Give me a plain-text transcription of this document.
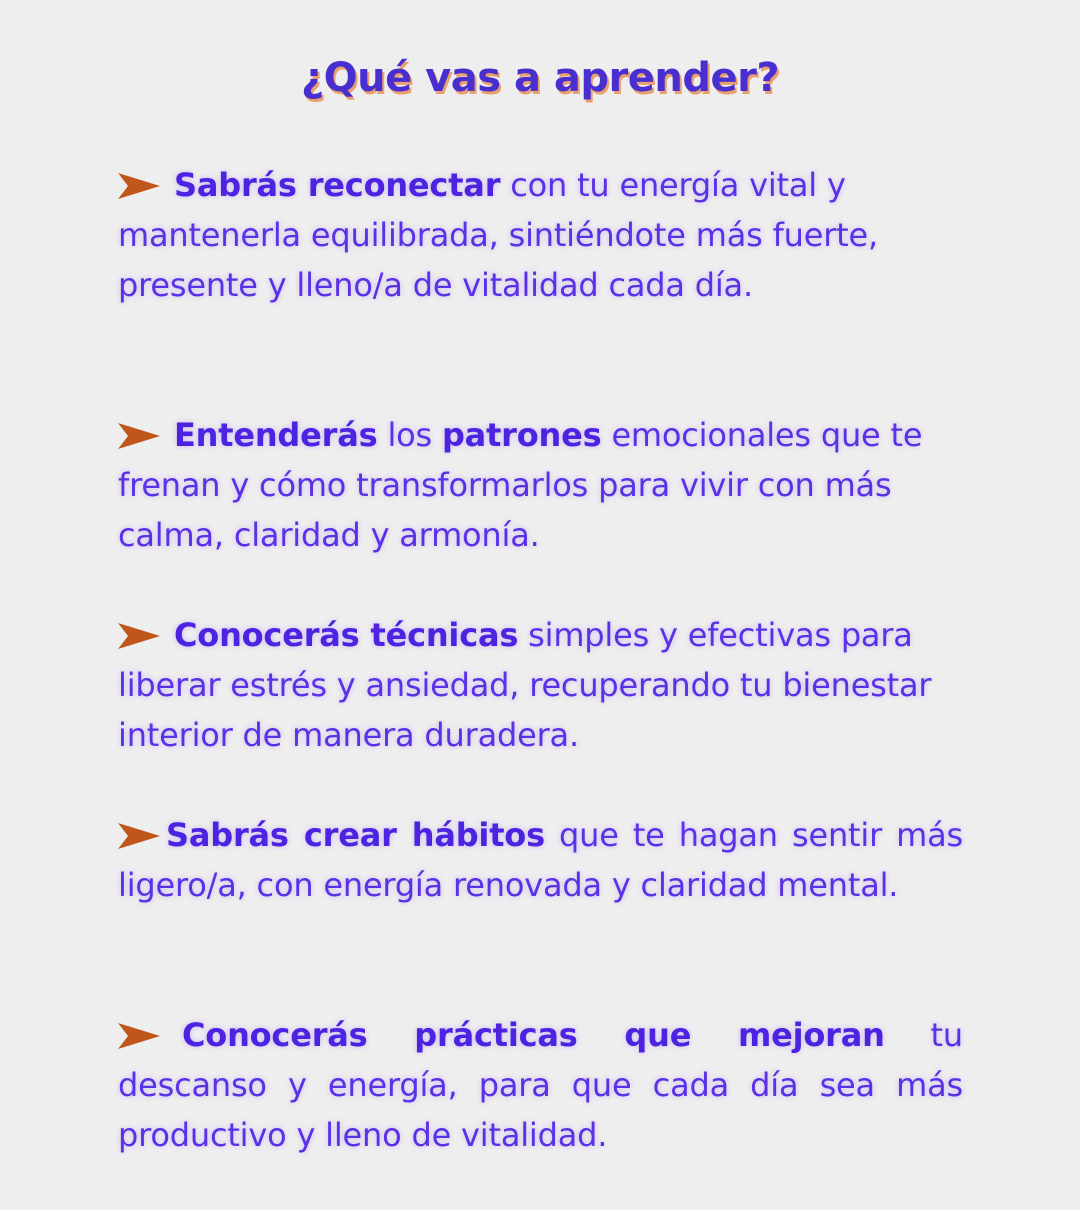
¿Qué vas a aprender?
Sabrás reconectar con tu energía vital y mantenerla equilibrada, sintiéndote más fuerte, presente y lleno/a de vitalidad cada día.
Entenderás los patrones emocionales que te frenan y cómo transformarlos para vivir con más calma, claridad y armonía.
Conocerás técnicas simples y efectivas para liberar estrés y ansiedad, recuperando tu bienestar interior de manera duradera.
Sabrás crear hábitos que te hagan sentir más ligero/a, con energía renovada y claridad mental.
Conocerás prácticas que mejoran tu descanso y energía, para que cada día sea más productivo y lleno de vitalidad.
